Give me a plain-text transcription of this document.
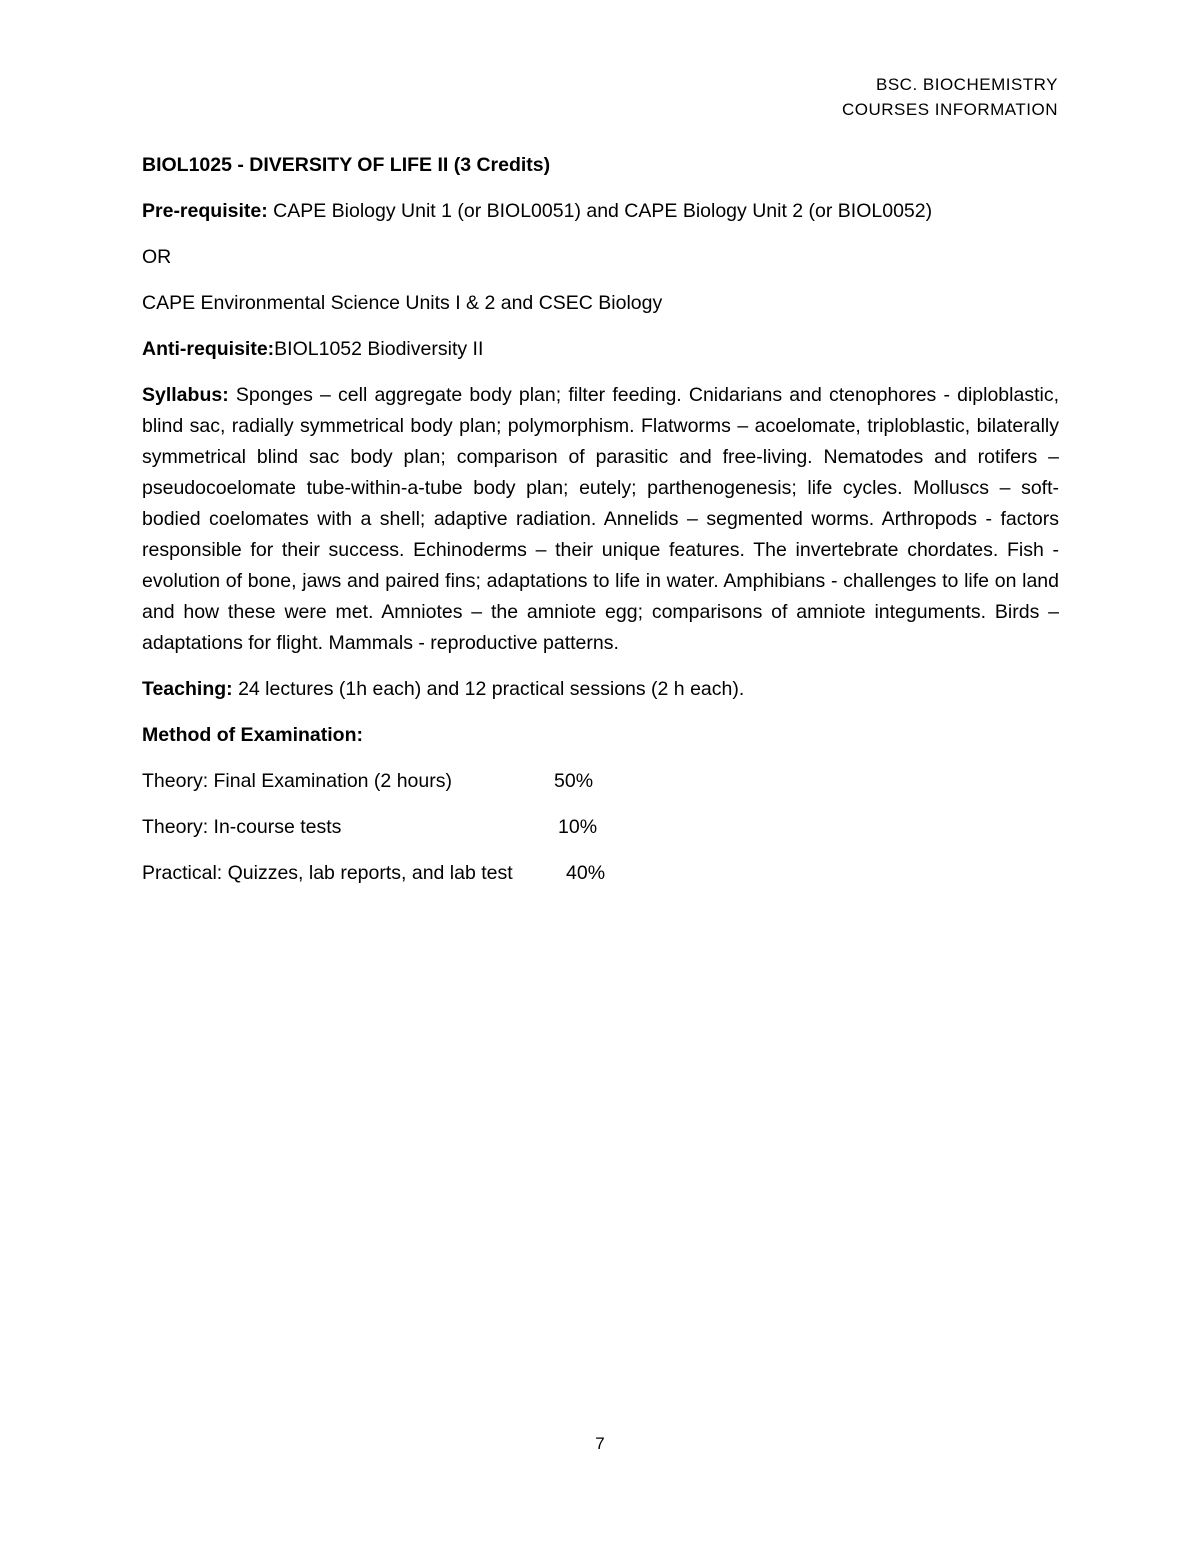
BSC. BIOCHEMISTRY
COURSES INFORMATION

BIOL1025 - DIVERSITY OF LIFE II (3 Credits)

Pre-requisite: CAPE Biology Unit 1 (or BIOL0051) and CAPE Biology Unit 2 (or BIOL0052)

OR

CAPE Environmental Science Units I & 2 and CSEC Biology

Anti-requisite:BIOL1052 Biodiversity II

Syllabus: Sponges – cell aggregate body plan; filter feeding. Cnidarians and ctenophores - diploblastic, blind sac, radially symmetrical body plan; polymorphism. Flatworms – acoelomate, triploblastic, bilaterally symmetrical blind sac body plan; comparison of parasitic and free-living. Nematodes and rotifers – pseudocoelomate tube-within-a-tube body plan; eutely; parthenogenesis; life cycles. Molluscs – soft-bodied coelomates with a shell; adaptive radiation. Annelids – segmented worms. Arthropods - factors responsible for their success. Echinoderms – their unique features. The invertebrate chordates. Fish - evolution of bone, jaws and paired fins; adaptations to life in water. Amphibians - challenges to life on land and how these were met. Amniotes – the amniote egg; comparisons of amniote integuments. Birds – adaptations for flight. Mammals - reproductive patterns.

Teaching: 24 lectures (1h each) and 12 practical sessions (2 h each).

Method of Examination:

Theory: Final Examination (2 hours)	50%
Theory: In-course tests	10%
Practical: Quizzes, lab reports, and lab test	40%
7
